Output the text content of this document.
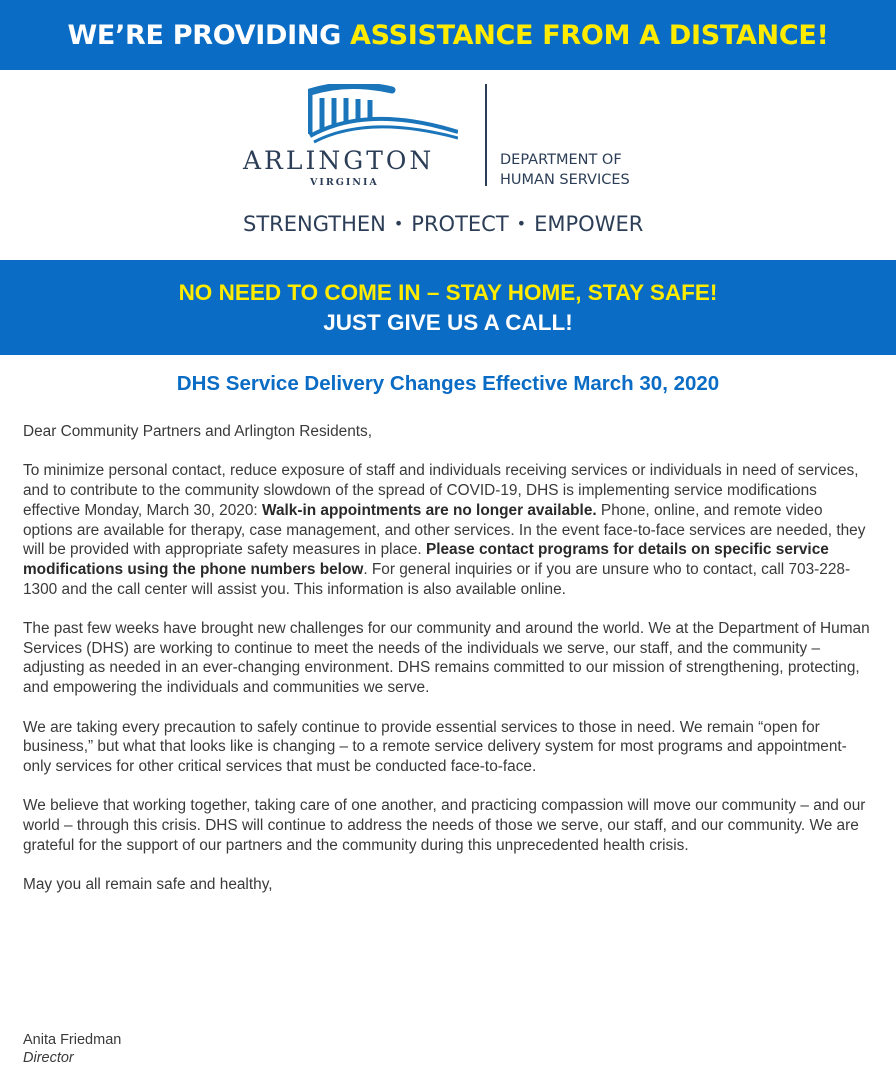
WE’RE PROVIDING ASSISTANCE FROM A DISTANCE!
ARLINGTON
VIRGINIA
DEPARTMENT OF
HUMAN SERVICES
STRENGTHEN • PROTECT • EMPOWER
NO NEED TO COME IN – STAY HOME, STAY SAFE!
JUST GIVE US A CALL!
DHS Service Delivery Changes Effective March 30, 2020

Dear Community Partners and Arlington Residents,

To minimize personal contact, reduce exposure of staff and individuals receiving services or individuals in need of services, and to contribute to the community slowdown of the spread of COVID-19, DHS is implementing service modifications effective Monday, March 30, 2020: Walk-in appointments are no longer available. Phone, online, and remote video options are available for therapy, case management, and other services. In the event face-to-face services are needed, they will be provided with appropriate safety measures in place. Please contact programs for details on specific service modifications using the phone numbers below. For general inquiries or if you are unsure who to contact, call 703-228-1300 and the call center will assist you. This information is also available online.

The past few weeks have brought new challenges for our community and around the world. We at the Department of Human Services (DHS) are working to continue to meet the needs of the individuals we serve, our staff, and the community – adjusting as needed in an ever-changing environment. DHS remains committed to our mission of strengthening, protecting, and empowering the individuals and communities we serve.

We are taking every precaution to safely continue to provide essential services to those in need. We remain “open for business,” but what that looks like is changing – to a remote service delivery system for most programs and appointment-only services for other critical services that must be conducted face-to-face.

We believe that working together, taking care of one another, and practicing compassion will move our community – and our world – through this crisis. DHS will continue to address the needs of those we serve, our staff, and our community. We are grateful for the support of our partners and the community during this unprecedented health crisis.

May you all remain safe and healthy,

Anita Friedman
Director
